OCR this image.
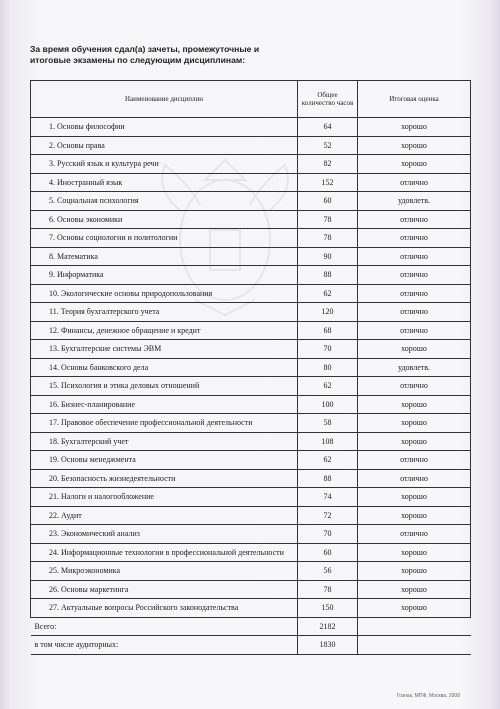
За время обучения сдал(а) зачеты, промежуточные и
итоговые экзамены по следующим дисциплинам:
Наименование дисциплин	Общее количество часов	Итоговая оценка
1. Основы философии	64	хорошо
2. Основы права	52	хорошо
3. Русский язык и культура речи	82	хорошо
4. Иностранный язык	152	отлично
5. Социальная психология	60	удовлетв.
6. Основы экономики	78	отлично
7. Основы социологии и политологии	78	отлично
8. Математика	90	отлично
9. Информатика	88	отлично
10. Экологические основы природопользования	62	отлично
11. Теория бухгалтерского учета	120	отлично
12. Финансы, денежное обращение и кредит	68	отлично
13. Бухгалтерские системы ЭВМ	70	хорошо
14. Основы банковского дела	80	удовлетв.
15. Психология и этика деловых отношений	62	отлично
16. Бизнес-планирование	100	хорошо
17. Правовое обеспечение профессиональной деятельности	58	хорошо
18. Бухгалтерский учет	108	хорошо
19. Основы менеджмента	62	отлично
20. Безопасность жизнедеятельности	88	отлично
21. Налоги и налогообложение	74	хорошо
22. Аудит	72	хорошо
23. Экономический анализ	70	отлично
24. Информационные технологии в профессиональной деятельности	60	хорошо
25. Микроэкономика	56	хорошо
26. Основы маркетинга	78	хорошо
27. Актуальные вопросы Российского законодательства	150	хорошо
Всего:	2182	
в том числе аудиторных:	1830	
Гознак, МПФ, Москва, 2008
